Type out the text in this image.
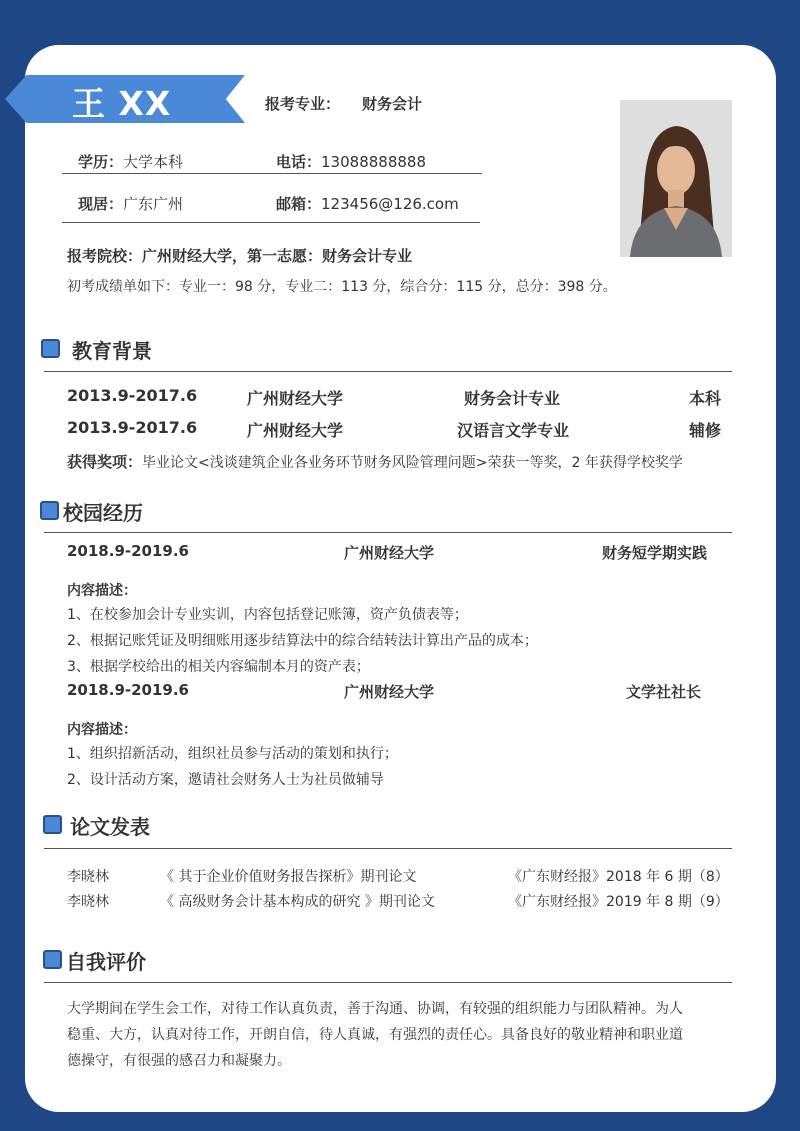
王 XX	报考专业： 财务会计
学历：大学本科	电话：13088888888
现居：广东广州	邮箱：123456@126.com
报考院校：广州财经大学，第一志愿：财务会计专业
初考成绩单如下：专业一：98 分，专业二：113 分，综合分：115 分，总分：398 分。
教育背景
2013.9-2017.6	广州财经大学	财务会计专业	本科
2013.9-2017.6	广州财经大学	汉语言文学专业	辅修
获得奖项：毕业论文<浅谈建筑企业各业务环节财务风险管理问题>荣获一等奖，2 年获得学校奖学
校园经历
2018.9-2019.6	广州财经大学	财务短学期实践
内容描述：
1、在校参加会计专业实训，内容包括登记账簿，资产负债表等；
2、根据记账凭证及明细账用逐步结算法中的综合结转法计算出产品的成本；
3、根据学校给出的相关内容编制本月的资产表；
2018.9-2019.6	广州财经大学	文学社社长
内容描述：
1、组织招新活动，组织社员参与活动的策划和执行；
2、设计活动方案，邀请社会财务人士为社员做辅导
论文发表
李晓林	《 其于企业价值财务报告探析》期刊论文	《广东财经报》2018 年 6 期（8）
李晓林	《 高级财务会计基本构成的研究 》期刊论文	《广东财经报》2019 年 8 期（9）
自我评价
大学期间在学生会工作，对待工作认真负责，善于沟通、协调，有较强的组织能力与团队精神。为人
稳重、大方，认真对待工作，开朗自信，待人真诚，有强烈的责任心。具备良好的敬业精神和职业道
德操守，有很强的感召力和凝聚力。
